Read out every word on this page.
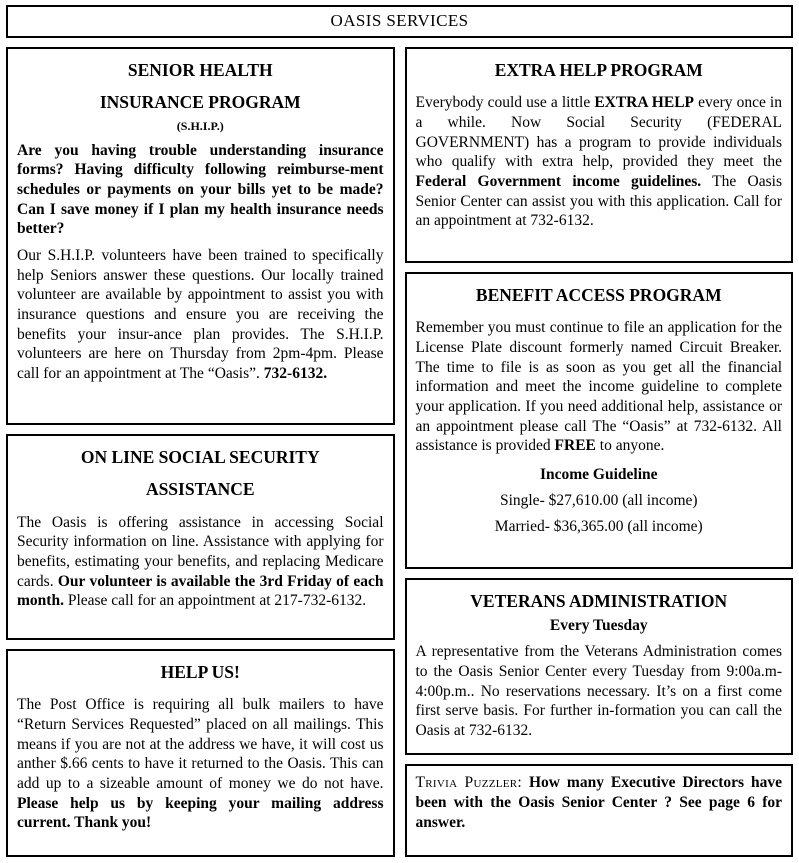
OASIS SERVICES
SENIOR HEALTH
INSURANCE PROGRAM
(S.H.I.P.)

Are you having trouble understanding insurance forms? Having difficulty following reimburse-ment schedules or payments on your bills yet to be made? Can I save money if I plan my health insurance needs better?

Our S.H.I.P. volunteers have been trained to specifically help Seniors answer these questions. Our locally trained volunteer are available by appointment to assist you with insurance questions and ensure you are receiving the benefits your insur-ance plan provides. The S.H.I.P. volunteers are here on Thursday from 2pm-4pm. Please call for an appointment at The “Oasis”. 732-6132.

ON LINE SOCIAL SECURITY
ASSISTANCE

The Oasis is offering assistance in accessing Social Security information on line. Assistance with applying for benefits, estimating your benefits, and replacing Medicare cards. Our volunteer is available the 3rd Friday of each month. Please call for an appointment at 217-732-6132.

HELP US!

The Post Office is requiring all bulk mailers to have “Return Services Requested” placed on all mailings. This means if you are not at the address we have, it will cost us anther $.66 cents to have it returned to the Oasis. This can add up to a sizeable amount of money we do not have. Please help us by keeping your mailing address current. Thank you!

EXTRA HELP PROGRAM

Everybody could use a little EXTRA HELP every once in a while. Now Social Security (FEDERAL GOVERNMENT) has a program to provide individuals who qualify with extra help, provided they meet the Federal Government income guidelines. The Oasis Senior Center can assist you with this application. Call for an appointment at 732-6132.

BENEFIT ACCESS PROGRAM

Remember you must continue to file an application for the License Plate discount formerly named Circuit Breaker. The time to file is as soon as you get all the financial information and meet the income guideline to complete your application. If you need additional help, assistance or an appointment please call The “Oasis” at 732-6132. All assistance is provided FREE to anyone.

Income Guideline
Single- $27,610.00 (all income)
Married- $36,365.00 (all income)
VETERANS ADMINISTRATION
Every Tuesday

A representative from the Veterans Administration comes to the Oasis Senior Center every Tuesday from 9:00a.m-4:00p.m.. No reservations necessary. It’s on a first come first serve basis. For further in-formation you can call the Oasis at 732-6132.

Trivia Puzzler: How many Executive Directors have been with the Oasis Senior Center ? See page 6 for answer.
